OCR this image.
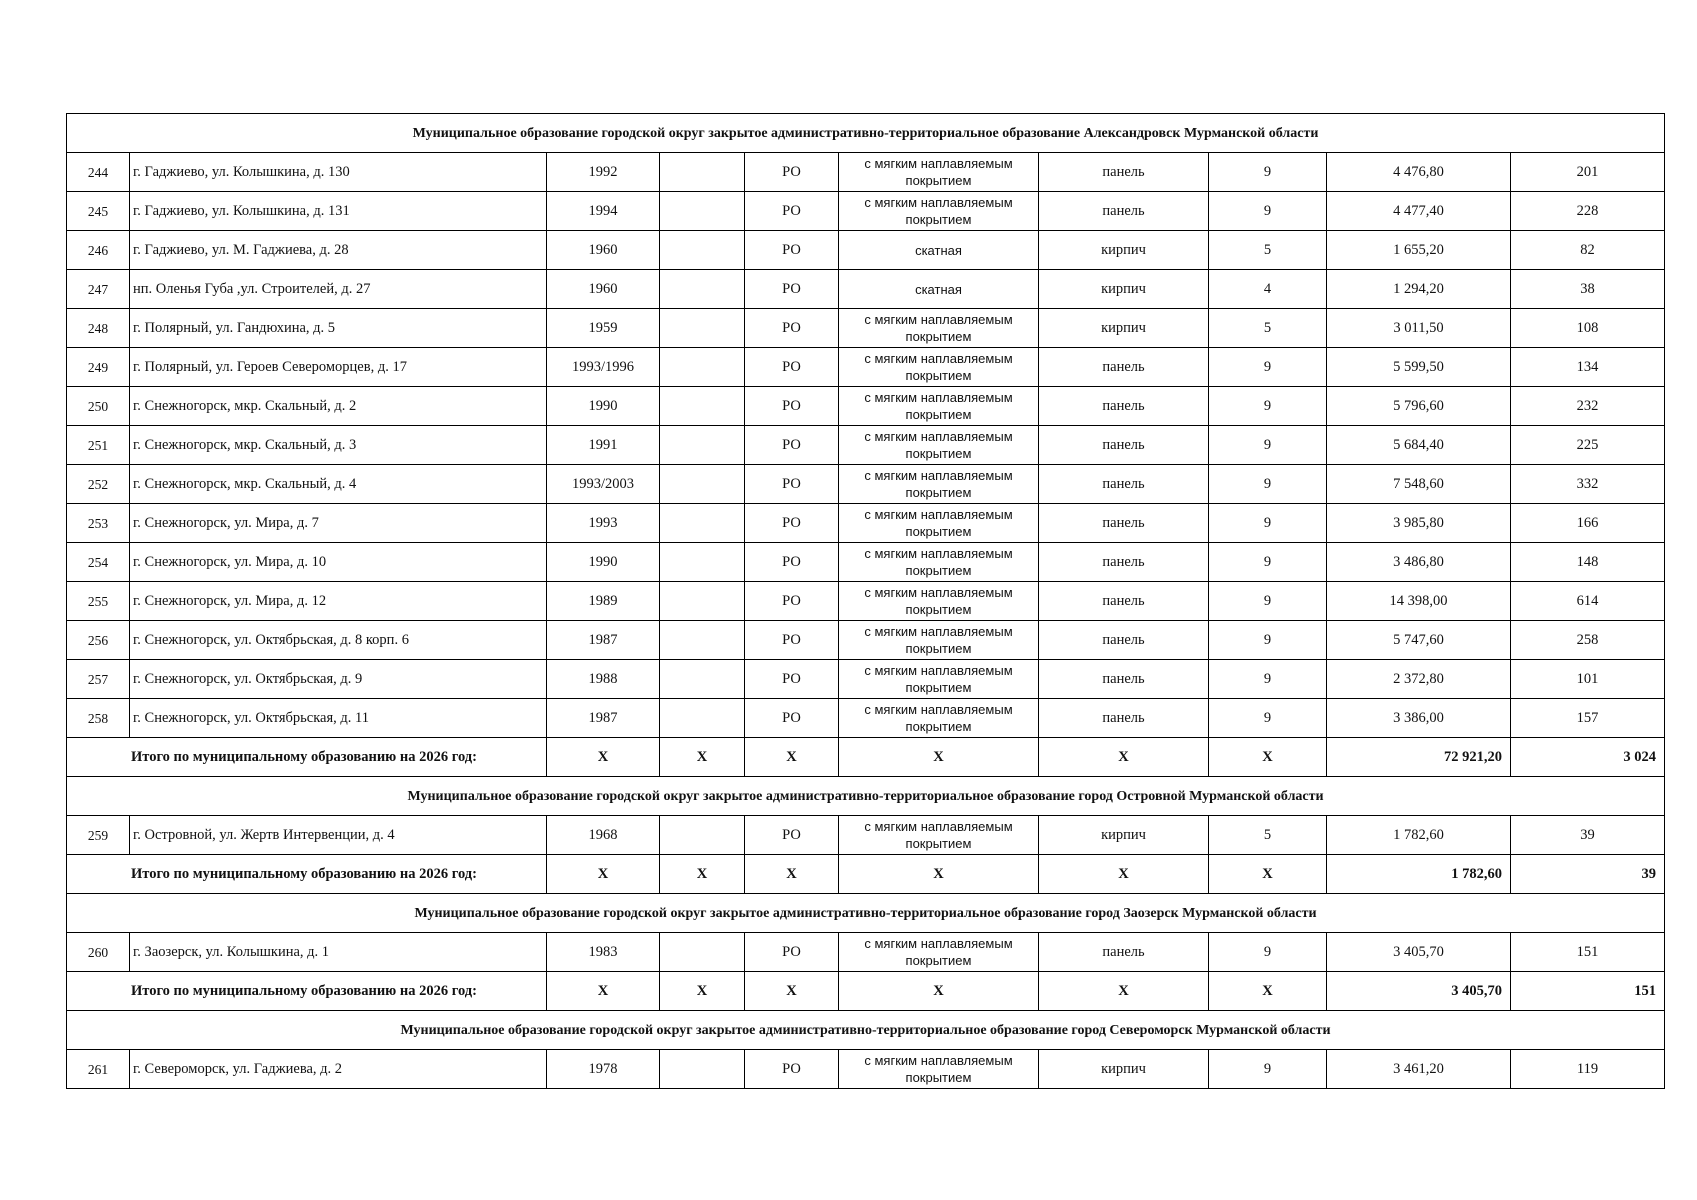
Муниципальное образование городской округ закрытое административно-территориальное образование Александровск Мурманской области									
244	г. Гаджиево, ул. Колышкина, д. 130	1992		РО	с мягким наплавляемым покрытием	панель	9	4 476,80	201
245	г. Гаджиево, ул. Колышкина, д. 131	1994		РО	с мягким наплавляемым покрытием	панель	9	4 477,40	228
246	г. Гаджиево, ул. М. Гаджиева, д. 28	1960		РО	скатная	кирпич	5	1 655,20	82
247	нп. Оленья Губа ,ул. Строителей, д. 27	1960		РО	скатная	кирпич	4	1 294,20	38
248	г. Полярный, ул. Гандюхина, д. 5	1959		РО	с мягким наплавляемым покрытием	кирпич	5	3 011,50	108
249	г. Полярный, ул. Героев Североморцев, д. 17	1993/1996		РО	с мягким наплавляемым покрытием	панель	9	5 599,50	134
250	г. Снежногорск, мкр. Скальный, д. 2	1990		РО	с мягким наплавляемым покрытием	панель	9	5 796,60	232
251	г. Снежногорск, мкр. Скальный, д. 3	1991		РО	с мягким наплавляемым покрытием	панель	9	5 684,40	225
252	г. Снежногорск, мкр. Скальный, д. 4	1993/2003		РО	с мягким наплавляемым покрытием	панель	9	7 548,60	332
253	г. Снежногорск, ул. Мира, д. 7	1993		РО	с мягким наплавляемым покрытием	панель	9	3 985,80	166
254	г. Снежногорск, ул. Мира, д. 10	1990		РО	с мягким наплавляемым покрытием	панель	9	3 486,80	148
255	г. Снежногорск, ул. Мира, д. 12	1989		РО	с мягким наплавляемым покрытием	панель	9	14 398,00	614
256	г. Снежногорск, ул. Октябрьская, д. 8 корп. 6	1987		РО	с мягким наплавляемым покрытием	панель	9	5 747,60	258
257	г. Снежногорск, ул. Октябрьская, д. 9	1988		РО	с мягким наплавляемым покрытием	панель	9	2 372,80	101
258	г. Снежногорск, ул. Октябрьская, д. 11	1987		РО	с мягким наплавляемым покрытием	панель	9	3 386,00	157
Итого по муниципальному образованию на 2026 год:		X	X	X	X	X	X	72 921,20	3 024
Муниципальное образование городской округ закрытое административно-территориальное образование город Островной Мурманской области									
259	г. Островной, ул. Жертв Интервенции, д. 4	1968		РО	с мягким наплавляемым покрытием	кирпич	5	1 782,60	39
Итого по муниципальному образованию на 2026 год:		X	X	X	X	X	X	1 782,60	39
Муниципальное образование городской округ закрытое административно-территориальное образование город Заозерск Мурманской области									
260	г. Заозерск, ул. Колышкина, д. 1	1983		РО	с мягким наплавляемым покрытием	панель	9	3 405,70	151
Итого по муниципальному образованию на 2026 год:		X	X	X	X	X	X	3 405,70	151
Муниципальное образование городской округ закрытое административно-территориальное образование город Североморск Мурманской области									
261	г. Североморск, ул. Гаджиева, д. 2	1978		РО	с мягким наплавляемым покрытием	кирпич	9	3 461,20	119
